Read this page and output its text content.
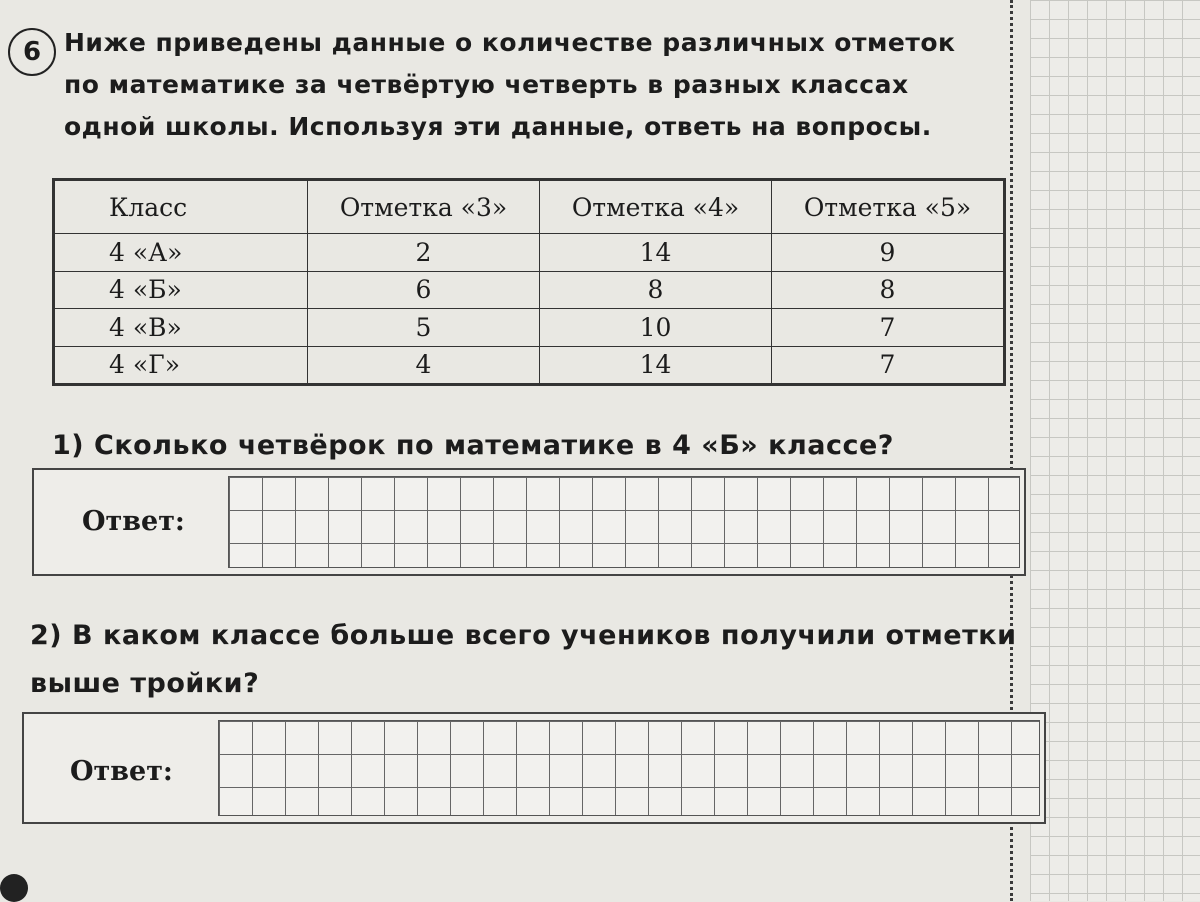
6 Ниже приведены данные о количестве различных отметок по математике за четвёртую четверть в разных классах одной школы. Используя эти данные, ответь на вопросы.
Класс	Отметка «3»	Отметка «4»	Отметка «5»
4 «А»	2	14	9
4 «Б»	6	8	8
4 «В»	5	10	7
4 «Г»	4	14	7
1) Сколько четвёрок по математике в 4 «Б» классе?
Ответ:
2) В каком классе больше всего учеников получили отметки выше тройки?
Ответ:
